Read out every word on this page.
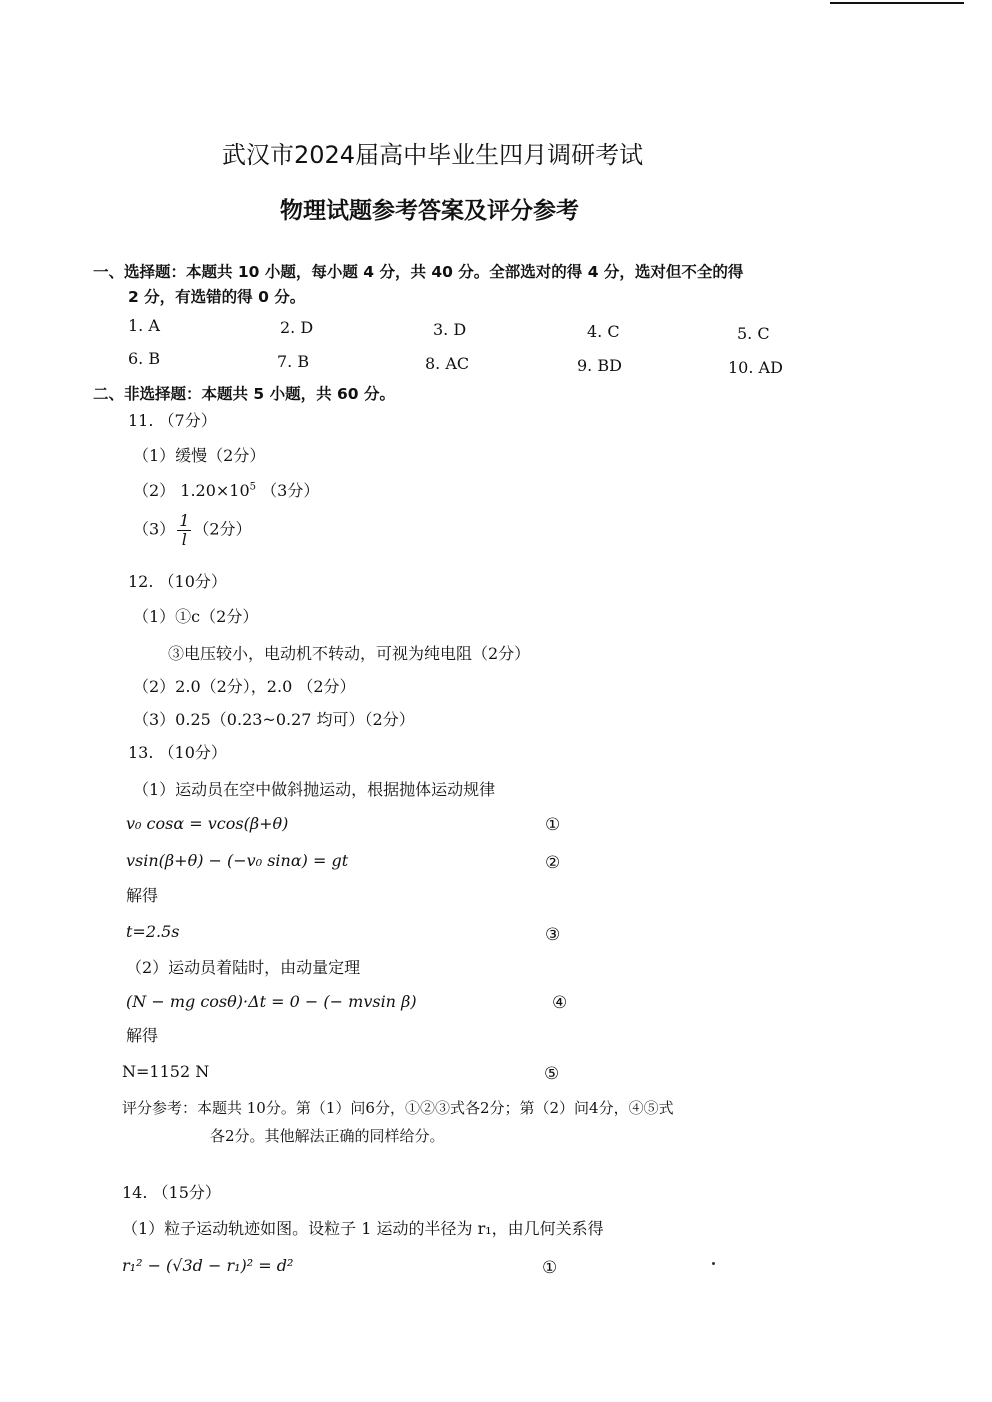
武汉市2024届高中毕业生四月调研考试
物理试题参考答案及评分参考
一、选择题：本题共 10 小题，每小题 4 分，共 40 分。全部选对的得 4 分，选对但不全的得
2 分，有选错的得 0 分。
1. A	2. D	3. D	4. C	5. C
6. B	7. B	8. AC	9. BD	10. AD
二、非选择题：本题共 5 小题，共 60 分。
11. （7分）
（1）缓慢（2分）
（2） $1.20\times 10^5$ （3分）
$(3) \frac{1}{l} (2$分）
12. （10分）
（1）①c（2分）
③电压较小，电动机不转动，可视为纯电阻（2分）
（2）2.0（2分），2.0 （2分）
（3）0.25（0.23~0.27 均可）（2分）
13. （10分）
（1）运动员在空中做斜抛运动，根据抛体运动规律
v₀ cosα = vcos(β+θ)	①
vsin(β+θ) − (−v₀ sinα) = gt	②
解得
t=2.5s	③
（2）运动员着陆时，由动量定理
(N − mg cosθ)·Δt = 0 − (− mvsin β)	④
解得
N=1152 N	⑤
评分参考：本题共 10分。第（1）问6分，①②③式各2分；第（2）问4分，④⑤式
各2分。其他解法正确的同样给分。
14. （15分）
（1）粒子运动轨迹如图。设粒子 1 运动的半径为 r₁，由几何关系得
r₁² − (√3d − r₁)² = d²	①
